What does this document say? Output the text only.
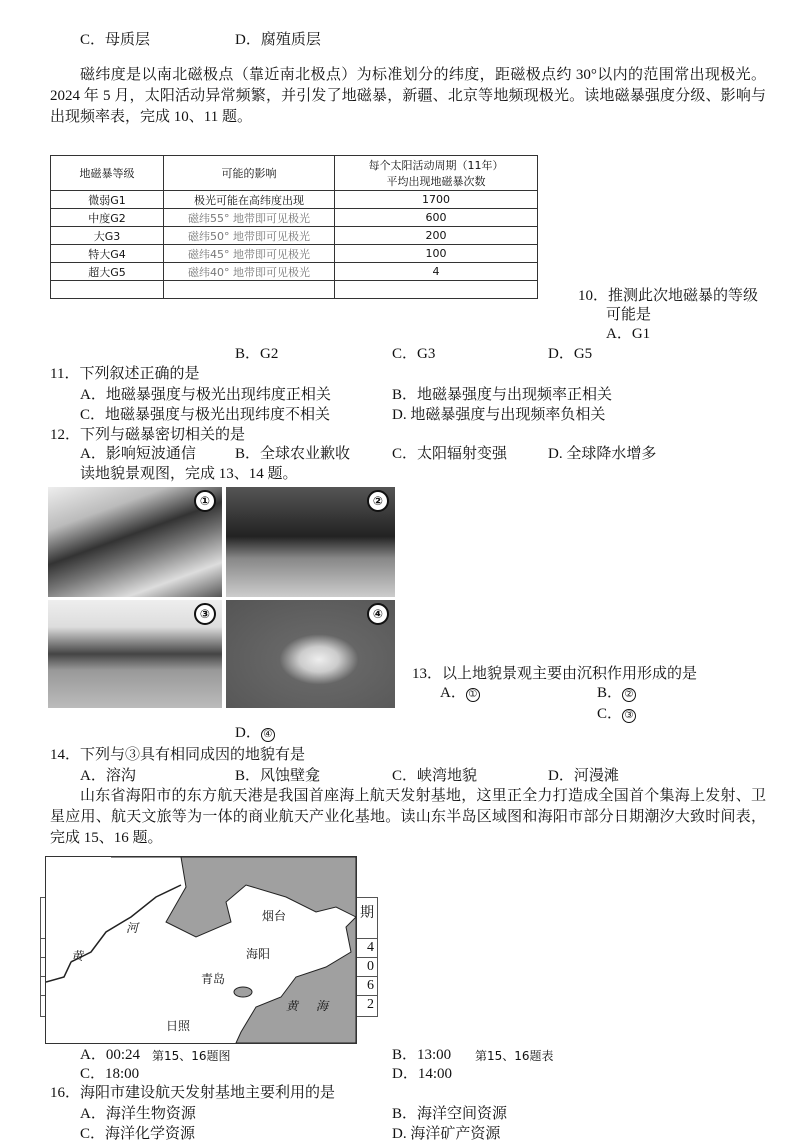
C．母质层	D．腐殖质层
磁纬度是以南北磁极点（靠近南北极点）为标准划分的纬度，距磁极点约 30°以内的范围常出现极光。2024 年 5 月，太阳活动异常频繁，并引发了地磁暴，新疆、北京等地频现极光。读地磁暴强度分级、影响与出现频率表，完成 10、11 题。
地磁暴等级	可能的影响	每个太阳活动周期（11年）
平均出现地磁暴次数

微弱G1	极光可能在高纬度出现	1700
中度G2	磁纬55° 地带即可见极光	600
大G3	磁纬50° 地带即可见极光	200
特大G4	磁纬45° 地带即可见极光	100
超大G5	磁纬40° 地带即可见极光	4

10．推测此次地磁暴的等级
可能是
A．G1
B．G2	C．G3	D．G5
11．下列叙述正确的是
A．地磁暴强度与极光出现纬度正相关	B．地磁暴强度与出现频率正相关
C．地磁暴强度与极光出现纬度不相关	D. 地磁暴强度与出现频率负相关
12．下列与磁暴密切相关的是
A．影响短波通信	B．全球农业歉收	C．太阳辐射变强	D. 全球降水增多
读地貌景观图，完成 13、14 题。
①	②
③	④
13．以上地貌景观主要由沉积作用形成的是
A． ①	B． ②
C． ③
D． ④
14．下列与③具有相同成因的地貌有是
A．溶沟	B．风蚀壁龛	C．峡湾地貌	D．河漫滩
山东省海阳市的东方航天港是我国首座海上航天发射基地，这里正全力打造成全国首个集海上发射、卫星应用、航天文旅等为一体的商业航天产业化基地。读山东半岛区域图和海阳市部分日期潮汐大致时间表，完成 15、16 题。
期
4
0
6
2
烟台
海阳
青岛
日照
黄
河
黄 海
A．00:24 第15、16题图	B．13:00 第15、16题表
C．18:00	D．14:00
16．海阳市建设航天发射基地主要利用的是
A．海洋生物资源	B．海洋空间资源
C．海洋化学资源	D. 海洋矿产资源
